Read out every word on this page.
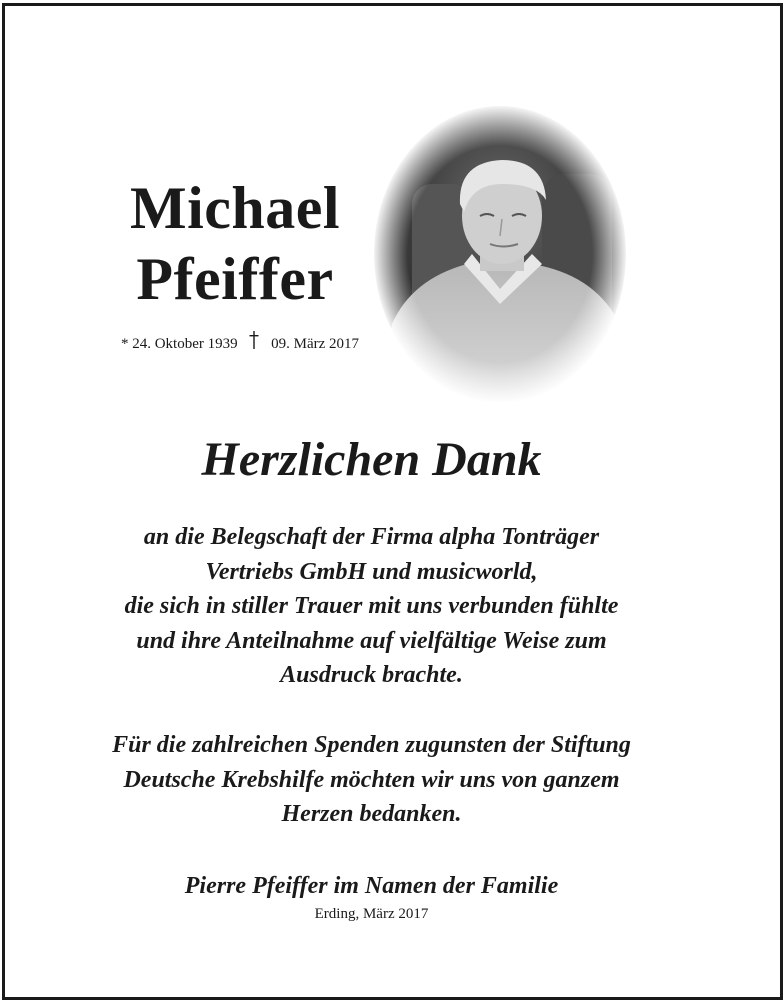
Michael
Pfeiffer
* 24. Oktober 1939 09. März 2017
Herzlichen Dank
an die Belegschaft der Firma alpha Tonträger
Vertriebs GmbH und musicworld,
die sich in stiller Trauer mit uns verbunden fühlte
und ihre Anteilnahme auf vielfältige Weise zum
Ausdruck brachte.
Für die zahlreichen Spenden zugunsten der Stiftung
Deutsche Krebshilfe möchten wir uns von ganzem
Herzen bedanken.
Pierre Pfeiffer im Namen der Familie
Erding, März 2017
